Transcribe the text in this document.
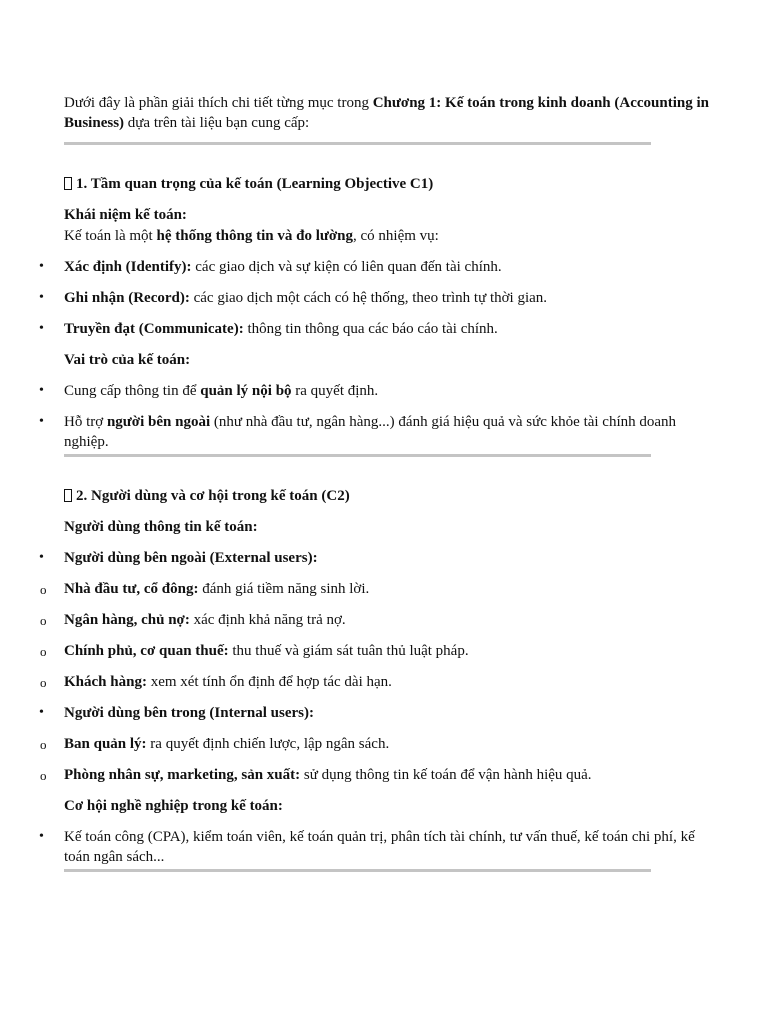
Dưới đây là phần giải thích chi tiết từng mục trong Chương 1: Kế toán trong kinh doanh (Accounting in Business) dựa trên tài liệu bạn cung cấp:

1. Tầm quan trọng của kế toán (Learning Objective C1)
Khái niệm kế toán:

Kế toán là một hệ thống thông tin và đo lường, có nhiệm vụ:

• Xác định (Identify): các giao dịch và sự kiện có liên quan đến tài chính.
• Ghi nhận (Record): các giao dịch một cách có hệ thống, theo trình tự thời gian.
• Truyền đạt (Communicate): thông tin thông qua các báo cáo tài chính.
Vai trò của kế toán:
• Cung cấp thông tin để quản lý nội bộ ra quyết định.
• Hỗ trợ người bên ngoài (như nhà đầu tư, ngân hàng...) đánh giá hiệu quả và sức khỏe tài chính doanh nghiệp.
2. Người dùng và cơ hội trong kế toán (C2)
Người dùng thông tin kế toán:
• Người dùng bên ngoài (External users):
o Nhà đầu tư, cổ đông: đánh giá tiềm năng sinh lời.
o Ngân hàng, chủ nợ: xác định khả năng trả nợ.
o Chính phủ, cơ quan thuế: thu thuế và giám sát tuân thủ luật pháp.
o Khách hàng: xem xét tính ổn định để hợp tác dài hạn.
• Người dùng bên trong (Internal users):
o Ban quản lý: ra quyết định chiến lược, lập ngân sách.
o Phòng nhân sự, marketing, sản xuất: sử dụng thông tin kế toán để vận hành hiệu quả.
Cơ hội nghề nghiệp trong kế toán:
• Kế toán công (CPA), kiểm toán viên, kế toán quản trị, phân tích tài chính, tư vấn thuế, kế toán chi phí, kế toán ngân sách...
